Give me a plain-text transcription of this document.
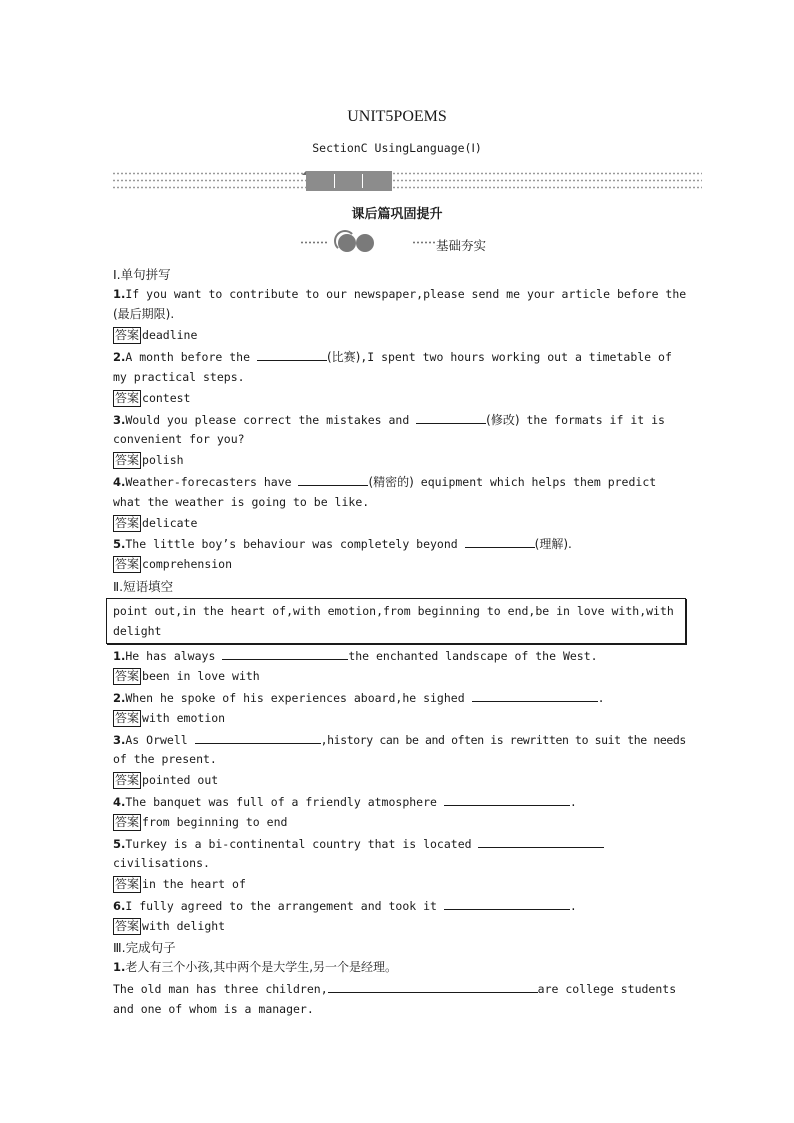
UNIT5POEMS
SectionC UsingLanguage(Ⅰ)
课后篇巩固提升
基础夯实
Ⅰ.单句拼写
1.If you want to contribute to our newspaper,please send me your article before the
(最后期限).
答案 deadline
2.A month before the	(比赛),I spent two hours working out a timetable of
my practical steps.
答案 contest
3.Would you please correct the mistakes and	(修改) the formats if it is
convenient for you?
答案 polish
4.Weather-forecasters have	(精密的) equipment which helps them predict
what the weather is going to be like.
答案 delicate
5.The little boy’s behaviour was completely beyond	(理解).
答案 comprehension
Ⅱ.短语填空
point out,in the heart of,with emotion,from beginning to end,be in love with,with
delight
1.He has always	the enchanted landscape of the West.
答案 been in love with
2.When he spoke of his experiences aboard,he sighed	.
答案 with emotion
3.As Orwell	,history can be and often is rewritten to suit the needs
of the present.
答案 pointed out
4.The banquet was full of a friendly atmosphere	.
答案 from beginning to end
5.Turkey is a bi-continental country that is located
civilisations.
答案 in the heart of
6.I fully agreed to the arrangement and took it	.
答案 with delight
Ⅲ.完成句子
1.老人有三个小孩,其中两个是大学生,另一个是经理。
The old man has three children,	are college students
and one of whom is a manager.
